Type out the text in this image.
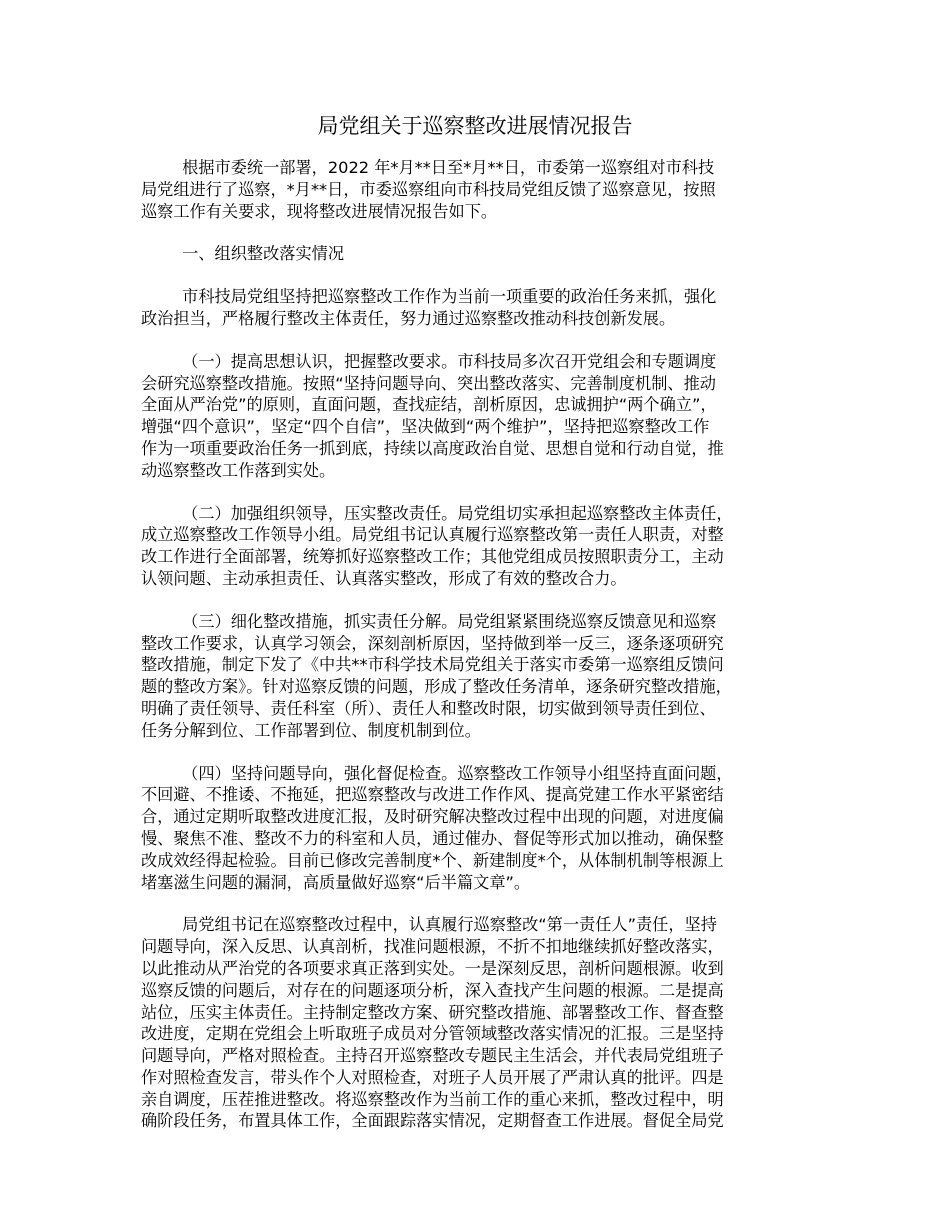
局党组关于巡察整改进展情况报告
根据市委统一部署，2022 年*月**日至*月**日，市委第一巡察组对市科技
局党组进行了巡察，*月**日，市委巡察组向市科技局党组反馈了巡察意见，按照
巡察工作有关要求，现将整改进展情况报告如下。
一、组织整改落实情况
市科技局党组坚持把巡察整改工作作为当前一项重要的政治任务来抓，强化
政治担当，严格履行整改主体责任，努力通过巡察整改推动科技创新发展。
（一）提高思想认识，把握整改要求。市科技局多次召开党组会和专题调度
会研究巡察整改措施。按照“坚持问题导向、突出整改落实、完善制度机制、推动
全面从严治党”的原则，直面问题，查找症结，剖析原因，忠诚拥护“两个确立”，
增强“四个意识”，坚定“四个自信”，坚决做到“两个维护”，坚持把巡察整改工作
作为一项重要政治任务一抓到底，持续以高度政治自觉、思想自觉和行动自觉，推
动巡察整改工作落到实处。
（二）加强组织领导，压实整改责任。局党组切实承担起巡察整改主体责任，
成立巡察整改工作领导小组。局党组书记认真履行巡察整改第一责任人职责，对整
改工作进行全面部署，统筹抓好巡察整改工作；其他党组成员按照职责分工，主动
认领问题、主动承担责任、认真落实整改，形成了有效的整改合力。
（三）细化整改措施，抓实责任分解。局党组紧紧围绕巡察反馈意见和巡察
整改工作要求，认真学习领会，深刻剖析原因，坚持做到举一反三，逐条逐项研究
整改措施，制定下发了《中共**市科学技术局党组关于落实市委第一巡察组反馈问
题的整改方案》。针对巡察反馈的问题，形成了整改任务清单，逐条研究整改措施，
明确了责任领导、责任科室（所）、责任人和整改时限，切实做到领导责任到位、
任务分解到位、工作部署到位、制度机制到位。
（四）坚持问题导向，强化督促检查。巡察整改工作领导小组坚持直面问题，
不回避、不推诿、不拖延，把巡察整改与改进工作作风、提高党建工作水平紧密结
合，通过定期听取整改进度汇报，及时研究解决整改过程中出现的问题，对进度偏
慢、聚焦不准、整改不力的科室和人员，通过催办、督促等形式加以推动，确保整
改成效经得起检验。目前已修改完善制度*个、新建制度*个，从体制机制等根源上
堵塞滋生问题的漏洞，高质量做好巡察“后半篇文章”。
局党组书记在巡察整改过程中，认真履行巡察整改“第一责任人”责任，坚持
问题导向，深入反思、认真剖析，找准问题根源，不折不扣地继续抓好整改落实，
以此推动从严治党的各项要求真正落到实处。一是深刻反思，剖析问题根源。收到
巡察反馈的问题后，对存在的问题逐项分析，深入查找产生问题的根源。二是提高
站位，压实主体责任。主持制定整改方案、研究整改措施、部署整改工作、督查整
改进度，定期在党组会上听取班子成员对分管领域整改落实情况的汇报。三是坚持
问题导向，严格对照检查。主持召开巡察整改专题民主生活会，并代表局党组班子
作对照检查发言，带头作个人对照检查，对班子人员开展了严肃认真的批评。四是
亲自调度，压茬推进整改。将巡察整改作为当前工作的重心来抓，整改过程中，明
确阶段任务，布置具体工作，全面跟踪落实情况，定期督查工作进展。督促全局党
